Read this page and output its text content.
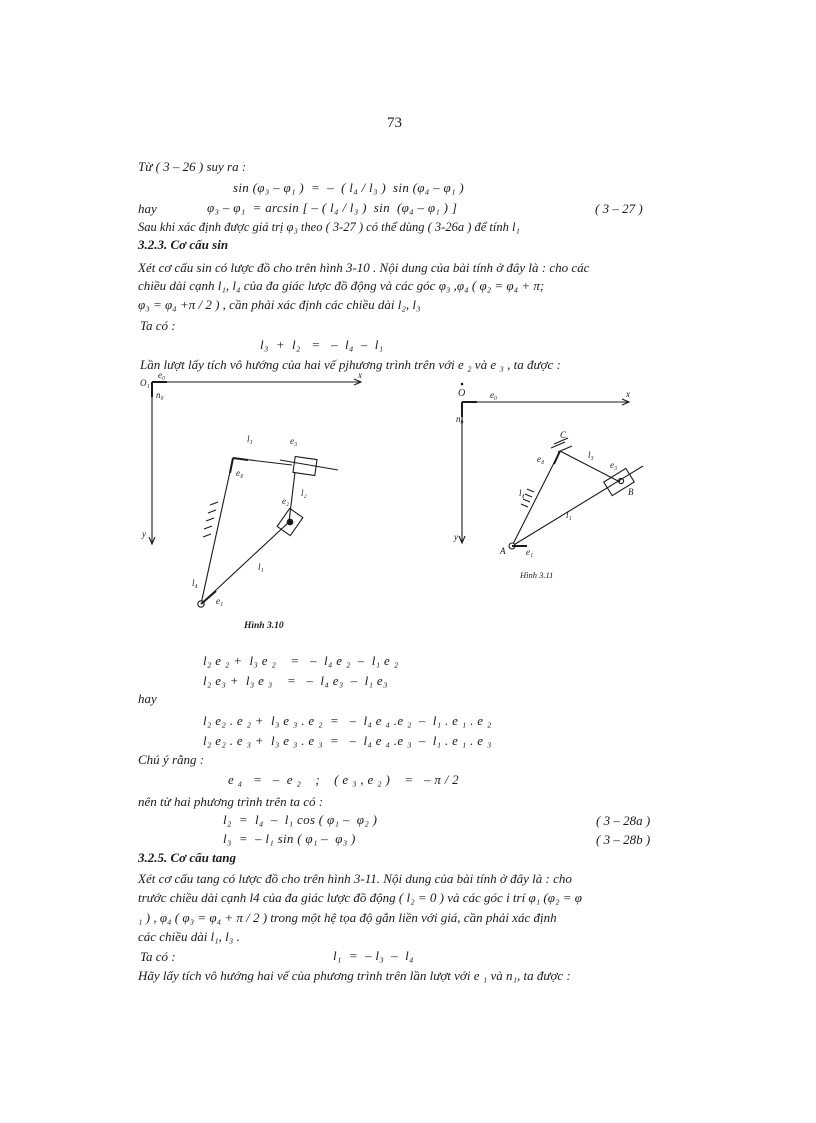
73
Từ ( 3 – 26 ) suy ra :
sin (φ₃ – φ₁ )  =  –  ( l₄ / l₃ )  sin (φ₄ – φ₁ )
hay	φ₃ – φ₁  = arcsin [ – ( l₄ / l₃ )  sin  (φ₄ – φ₁ ) ]	( 3 – 27 )
Sau khi xác định được giá trị φ₃ theo ( 3-27 ) có thể dùng ( 3-26a ) để tính l₁
3.2.3. Cơ cấu sin
Xét cơ cấu sin có lược đồ cho trên hình 3-10 . Nội dung của bài tính ở đây là : cho các
chiều dài cạnh l₁, l₄ của đa giác lược đồ động và các góc φ₃ ,φ₄ ( φ₂ = φ₄ + π;
φ₃ = φ₄ +π / 2 ) , cần phải xác định các chiều dài l₂, l₃
Ta có :
l₃  +  l₂   =   –  l₄  –  l₁
Lần lượt lấy tích vô hướng của hai vế pjhương trình trên với e ₂ và e ₃ , ta được :
O₁
e₀	x
n₀
y
l₃	e₃
e₄
e₂
l₂
l₁
l₄
e₁
Hình 3.10
O	e₀	x
n₀
y
C
l₃
e₄
e₃
l₄	B
l₁
A e₁
Hình 3.11
l₂ e ₂ +  l₃ e ₂    =   –  l₄ e ₂  –  l₁ e ₂
l₂ e₃ +  l₃ e ₃    =   –  l₄ e₃  –  l₁ e₃
hay
l₂ e₂ . e ₂ +  l₃ e ₃ . e ₂  =   –  l₄ e ₄ .e ₂  –  l₁ . e ₁ . e ₂
l₂ e₂ . e ₃ +  l₃ e ₃ . e ₃  =   –  l₄ e ₄ .e ₃  –  l₁ . e ₁ . e ₃
Chú ý rằng :
e ₄   =   –  e ₂    ;    ( e ₃ , e ₂ )    =   – π / 2
nên từ hai phương trình trên ta có :
l₂  =  l₄  –  l₁ cos ( φ₁ –  φ₂ )	( 3 – 28a )
l₃  =  – l₁ sin ( φ₁ –  φ₃ )	( 3 – 28b )
3.2.5. Cơ cấu tang
Xét cơ cấu tang có lược đồ cho trên hình 3-11. Nội dung của bài tính ở đây là : cho
trước chiều dài cạnh l4 của đa giác lược đồ động ( l₂ = 0 ) và các góc i trí φ₁ (φ₂ = φ
₁ ) , φ₄ ( φ₃ = φ₄ + π / 2 ) trong một hệ tọa độ gắn liền với giá, cần phải xác định
các chiều dài l₁, l₃ .
Ta có :	l₁  =  – l₃  –  l₄
Hãy lấy tích vô hướng hai vế của phương trình trên lần lượt với e ₁ và n₁, ta được :
